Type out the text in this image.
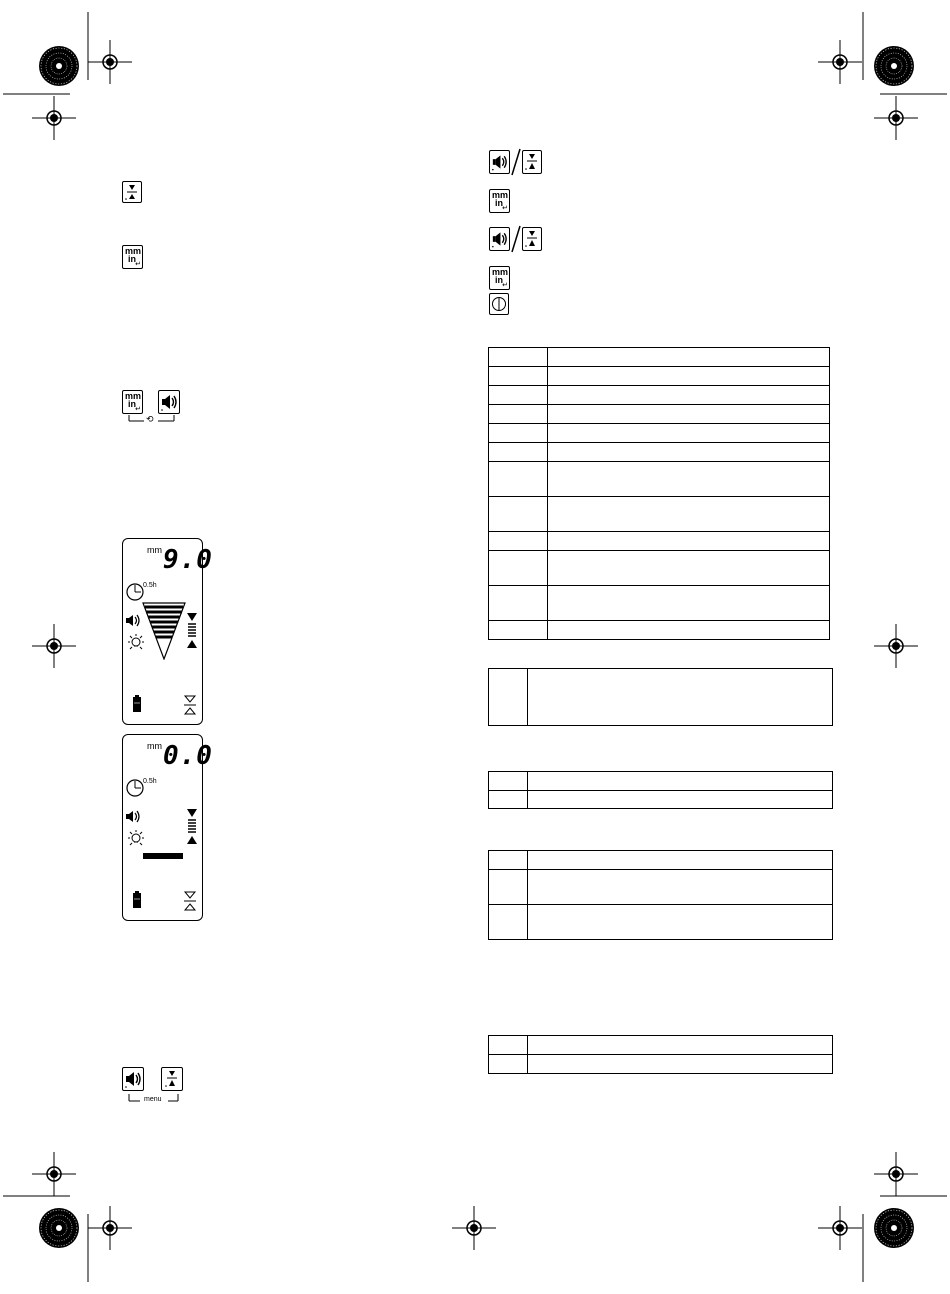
mm
in
↵
mm
in
↵
⟲
mm 9.0
0.5h
mm 0.0
0.5h
menu
mm
in
↵
mm
in
↵
